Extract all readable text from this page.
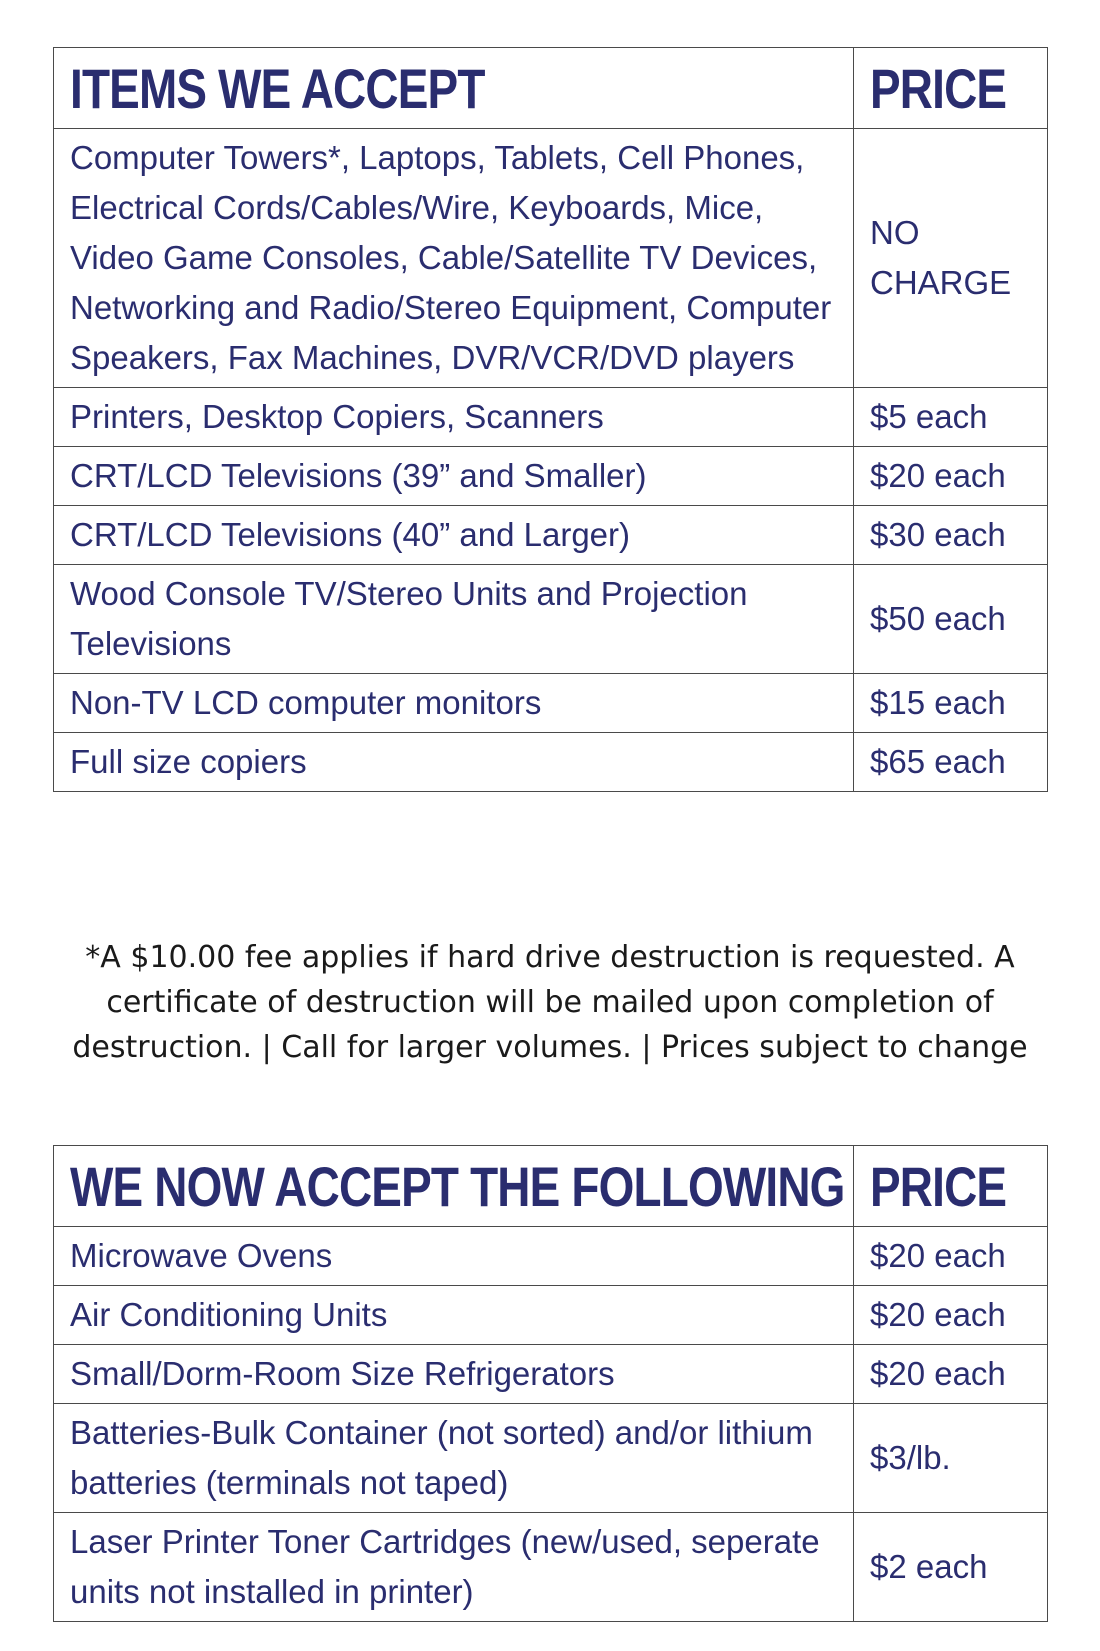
ITEMS WE ACCEPT	PRICE
Computer Towers*, Laptops, Tablets, Cell Phones, Electrical Cords/Cables/Wire, Keyboards, Mice, Video Game Consoles, Cable/Satellite TV Devices, Networking and Radio/Stereo Equipment, Computer Speakers, Fax Machines, DVR/VCR/DVD players	NO CHARGE
Printers, Desktop Copiers, Scanners	$5 each
CRT/LCD Televisions (39” and Smaller)	$20 each
CRT/LCD Televisions (40” and Larger)	$30 each
Wood Console TV/Stereo Units and Projection Televisions	$50 each
Non-TV LCD computer monitors	$15 each
Full size copiers	$65 each
*A $10.00 fee applies if hard drive destruction is requested. A certificate of destruction will be mailed upon completion of destruction. | Call for larger volumes. | Prices subject to change
WE NOW ACCEPT THE FOLLOWING	PRICE
Microwave Ovens	$20 each
Air Conditioning Units	$20 each
Small/Dorm-Room Size Refrigerators	$20 each
Batteries-Bulk Container (not sorted) and/or lithium batteries (terminals not taped)	$3/lb.
Laser Printer Toner Cartridges (new/used, seperate units not installed in printer)	$2 each
